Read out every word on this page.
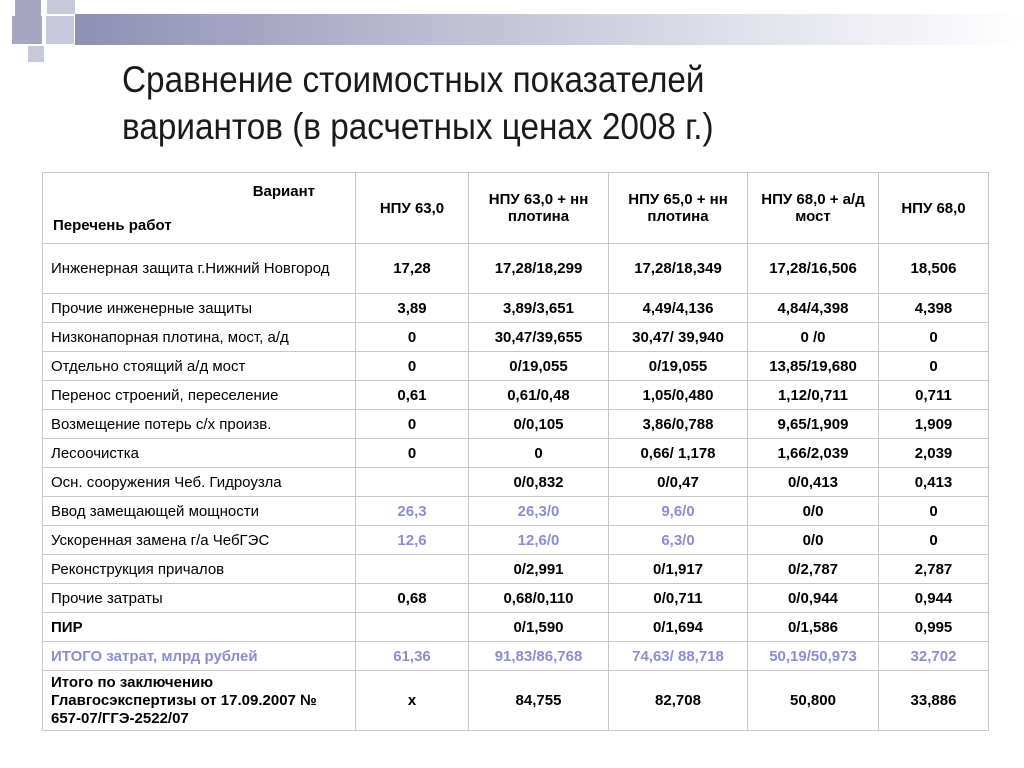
Сравнение стоимостных показателей
вариантов (в расчетных ценах 2008 г.)
Вариант
Перечень работ	НПУ 63,0	НПУ 63,0 + нн плотина	НПУ 65,0 + нн плотина	НПУ 68,0 + а/д мост	НПУ 68,0
Инженерная защита г.Нижний Новгород	17,28	17,28/18,299	17,28/18,349	17,28/16,506	18,506
Прочие инженерные защиты	3,89	3,89/3,651	4,49/4,136	4,84/4,398	4,398
Низконапорная плотина, мост, а/д	0	30,47/39,655	30,47/ 39,940	0 /0	0
Отдельно стоящий а/д мост	0	0/19,055	0/19,055	13,85/19,680	0
Перенос строений, переселение	0,61	0,61/0,48	1,05/0,480	1,12/0,711	0,711
Возмещение потерь с/х произв.	0	0/0,105	3,86/0,788	9,65/1,909	1,909
Лесоочистка	0	0	0,66/ 1,178	1,66/2,039	2,039
Осн. сооружения Чеб. Гидроузла		0/0,832	0/0,47	0/0,413	0,413
Ввод замещающей мощности	26,3	26,3/0	9,6/0	0/0	0
Ускоренная замена г/а ЧебГЭС	12,6	12,6/0	6,3/0	0/0	0
Реконструкция причалов		0/2,991	0/1,917	0/2,787	2,787
Прочие затраты	0,68	0,68/0,110	0/0,711	0/0,944	0,944
ПИР		0/1,590	0/1,694	0/1,586	0,995
ИТОГО затрат, млрд рублей	61,36	91,83/86,768	74,63/ 88,718	50,19/50,973	32,702
Итого по заключению Главгосэкспертизы от 17.09.2007 № 657-07/ГГЭ-2522/07	х	84,755	82,708	50,800	33,886
